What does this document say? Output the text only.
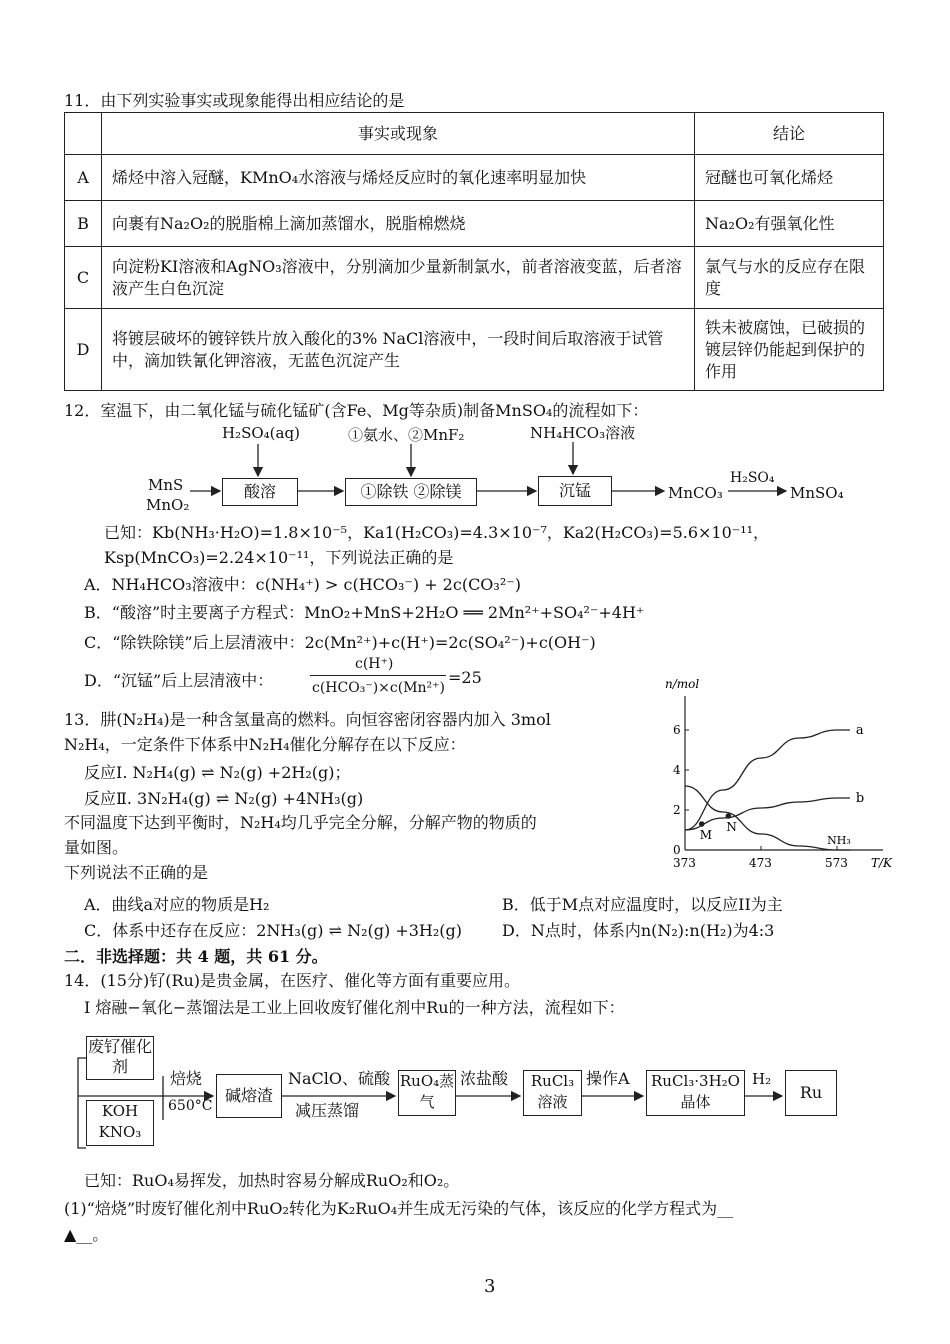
11．由下列实验事实或现象能得出相应结论的是
	事实或现象	结论
A	烯烃中溶入冠醚，KMnO₄水溶液与烯烃反应时的氧化速率明显加快	冠醚也可氧化烯烃
B	向裹有Na₂O₂的脱脂棉上滴加蒸馏水，脱脂棉燃烧	Na₂O₂有强氧化性
C	向淀粉KI溶液和AgNO₃溶液中，分别滴加少量新制氯水，前者溶液变蓝，后者溶液产生白色沉淀	氯气与水的反应存在限度
D	将镀层破坏的镀锌铁片放入酸化的3% NaCl溶液中，一段时间后取溶液于试管中，滴加铁氰化钾溶液，无蓝色沉淀产生	铁未被腐蚀，已破损的镀层锌仍能起到保护的作用
12．室温下，由二氧化锰与硫化锰矿(含Fe、Mg等杂质)制备MnSO₄的流程如下：
H₂SO₄(aq)	①氨水、②MnF₂	NH₄HCO₃溶液
MnS
MnO₂
酸溶	①除铁 ②除镁	沉锰	MnCO₃
H₂SO₄
MnSO₄
已知：Kb(NH₃·H₂O)=1.8×10⁻⁵，Ka1(H₂CO₃)=4.3×10⁻⁷，Ka2(H₂CO₃)=5.6×10⁻¹¹，
Ksp(MnCO₃)=2.24×10⁻¹¹，下列说法正确的是
A．NH₄HCO₃溶液中：c(NH₄⁺) > c(HCO₃⁻) + 2c(CO₃²⁻)
B．“酸溶”时主要离子方程式：MnO₂+MnS+2H₂O ══ 2Mn²⁺+SO₄²⁻+4H⁺
C．“除铁除镁”后上层清液中：2c(Mn²⁺)+c(H⁺)=2c(SO₄²⁻)+c(OH⁻)
D．“沉锰”后上层清液中：
c(H⁺)
c(HCO₃⁻)×c(Mn²⁺)
=25
13．肼(N₂H₄)是一种含氢量高的燃料。向恒容密闭容器内加入 3mol
N₂H₄，一定条件下体系中N₂H₄催化分解存在以下反应：
反应Ⅰ. N₂H₄(g) ⇌ N₂(g) +2H₂(g)；
反应Ⅱ. 3N₂H₄(g) ⇌ N₂(g) +4NH₃(g)
不同温度下达到平衡时，N₂H₄均几乎完全分解，分解产物的物质的
量如图。
下列说法不正确的是
n/mol
T/K
0
2
4
6
373	473	573
a
b
NH₃
M
N
A．曲线a对应的物质是H₂	B．低于M点对应温度时，以反应II为主
C．体系中还存在反应：2NH₃(g) ⇌ N₂(g) +3H₂(g) D．N点时，体系内n(N₂):n(H₂)为4:3
二．非选择题：共 4 题，共 61 分。
14．(15分)钌(Ru)是贵金属，在医疗、催化等方面有重要应用。
I 熔融−氧化−蒸馏法是工业上回收废钌催化剂中Ru的一种方法，流程如下：
废钌催化剂
KOH KNO₃
焙烧
650°C
碱熔渣
NaClO、硫酸
减压蒸馏
RuO₄蒸气
浓盐酸	RuCl₃溶液
操作A	RuCl₃·3H₂O晶体
H₂
Ru
已知：RuO₄易挥发，加热时容易分解成RuO₂和O₂。
(1)“焙烧”时废钌催化剂中RuO₂转化为K₂RuO₄并生成无污染的气体，该反应的化学方程式为__
▲__。
3
